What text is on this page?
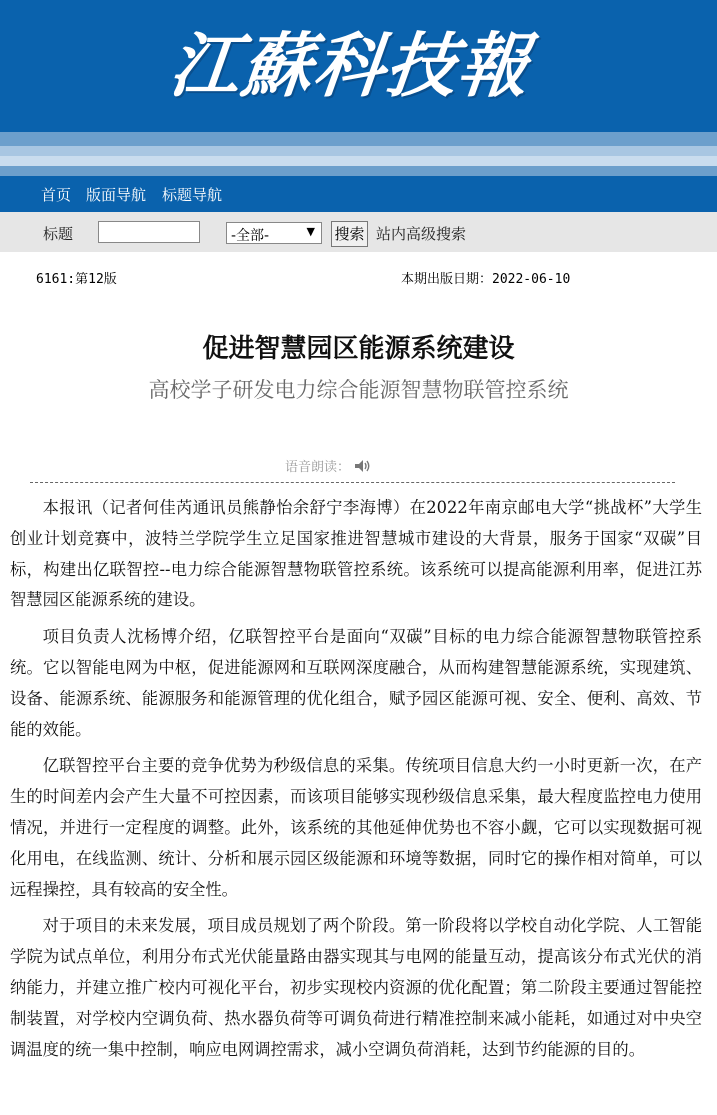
江蘇科技報
首页 版面导航 标题导航
标题	-全部-	▼ 搜索 站内高级搜索
6161:第12版	本期出版日期：2022-06-10
促进智慧园区能源系统建设
高校学子研发电力综合能源智慧物联管控系统
语音朗读：

本报讯（记者何佳芮通讯员熊静怡余舒宁李海博）在2022年南京邮电大学“挑战杯”大学生创业计划竞赛中，波特兰学院学生立足国家推进智慧城市建设的大背景，服务于国家“双碳”目标，构建出亿联智控--电力综合能源智慧物联管控系统。该系统可以提高能源利用率，促进江苏智慧园区能源系统的建设。

项目负责人沈杨博介绍，亿联智控平台是面向“双碳”目标的电力综合能源智慧物联管控系统。它以智能电网为中枢，促进能源网和互联网深度融合，从而构建智慧能源系统，实现建筑、设备、能源系统、能源服务和能源管理的优化组合，赋予园区能源可视、安全、便利、高效、节能的效能。

亿联智控平台主要的竞争优势为秒级信息的采集。传统项目信息大约一小时更新一次，在产生的时间差内会产生大量不可控因素，而该项目能够实现秒级信息采集，最大程度监控电力使用情况，并进行一定程度的调整。此外，该系统的其他延伸优势也不容小觑，它可以实现数据可视化用电，在线监测、统计、分析和展示园区级能源和环境等数据，同时它的操作相对简单，可以远程操控，具有较高的安全性。

对于项目的未来发展，项目成员规划了两个阶段。第一阶段将以学校自动化学院、人工智能学院为试点单位，利用分布式光伏能量路由器实现其与电网的能量互动，提高该分布式光伏的消纳能力，并建立推广校内可视化平台，初步实现校内资源的优化配置；第二阶段主要通过智能控制装置，对学校内空调负荷、热水器负荷等可调负荷进行精准控制来减小能耗，如通过对中央空调温度的统一集中控制，响应电网调控需求，减小空调负荷消耗，达到节约能源的目的。
